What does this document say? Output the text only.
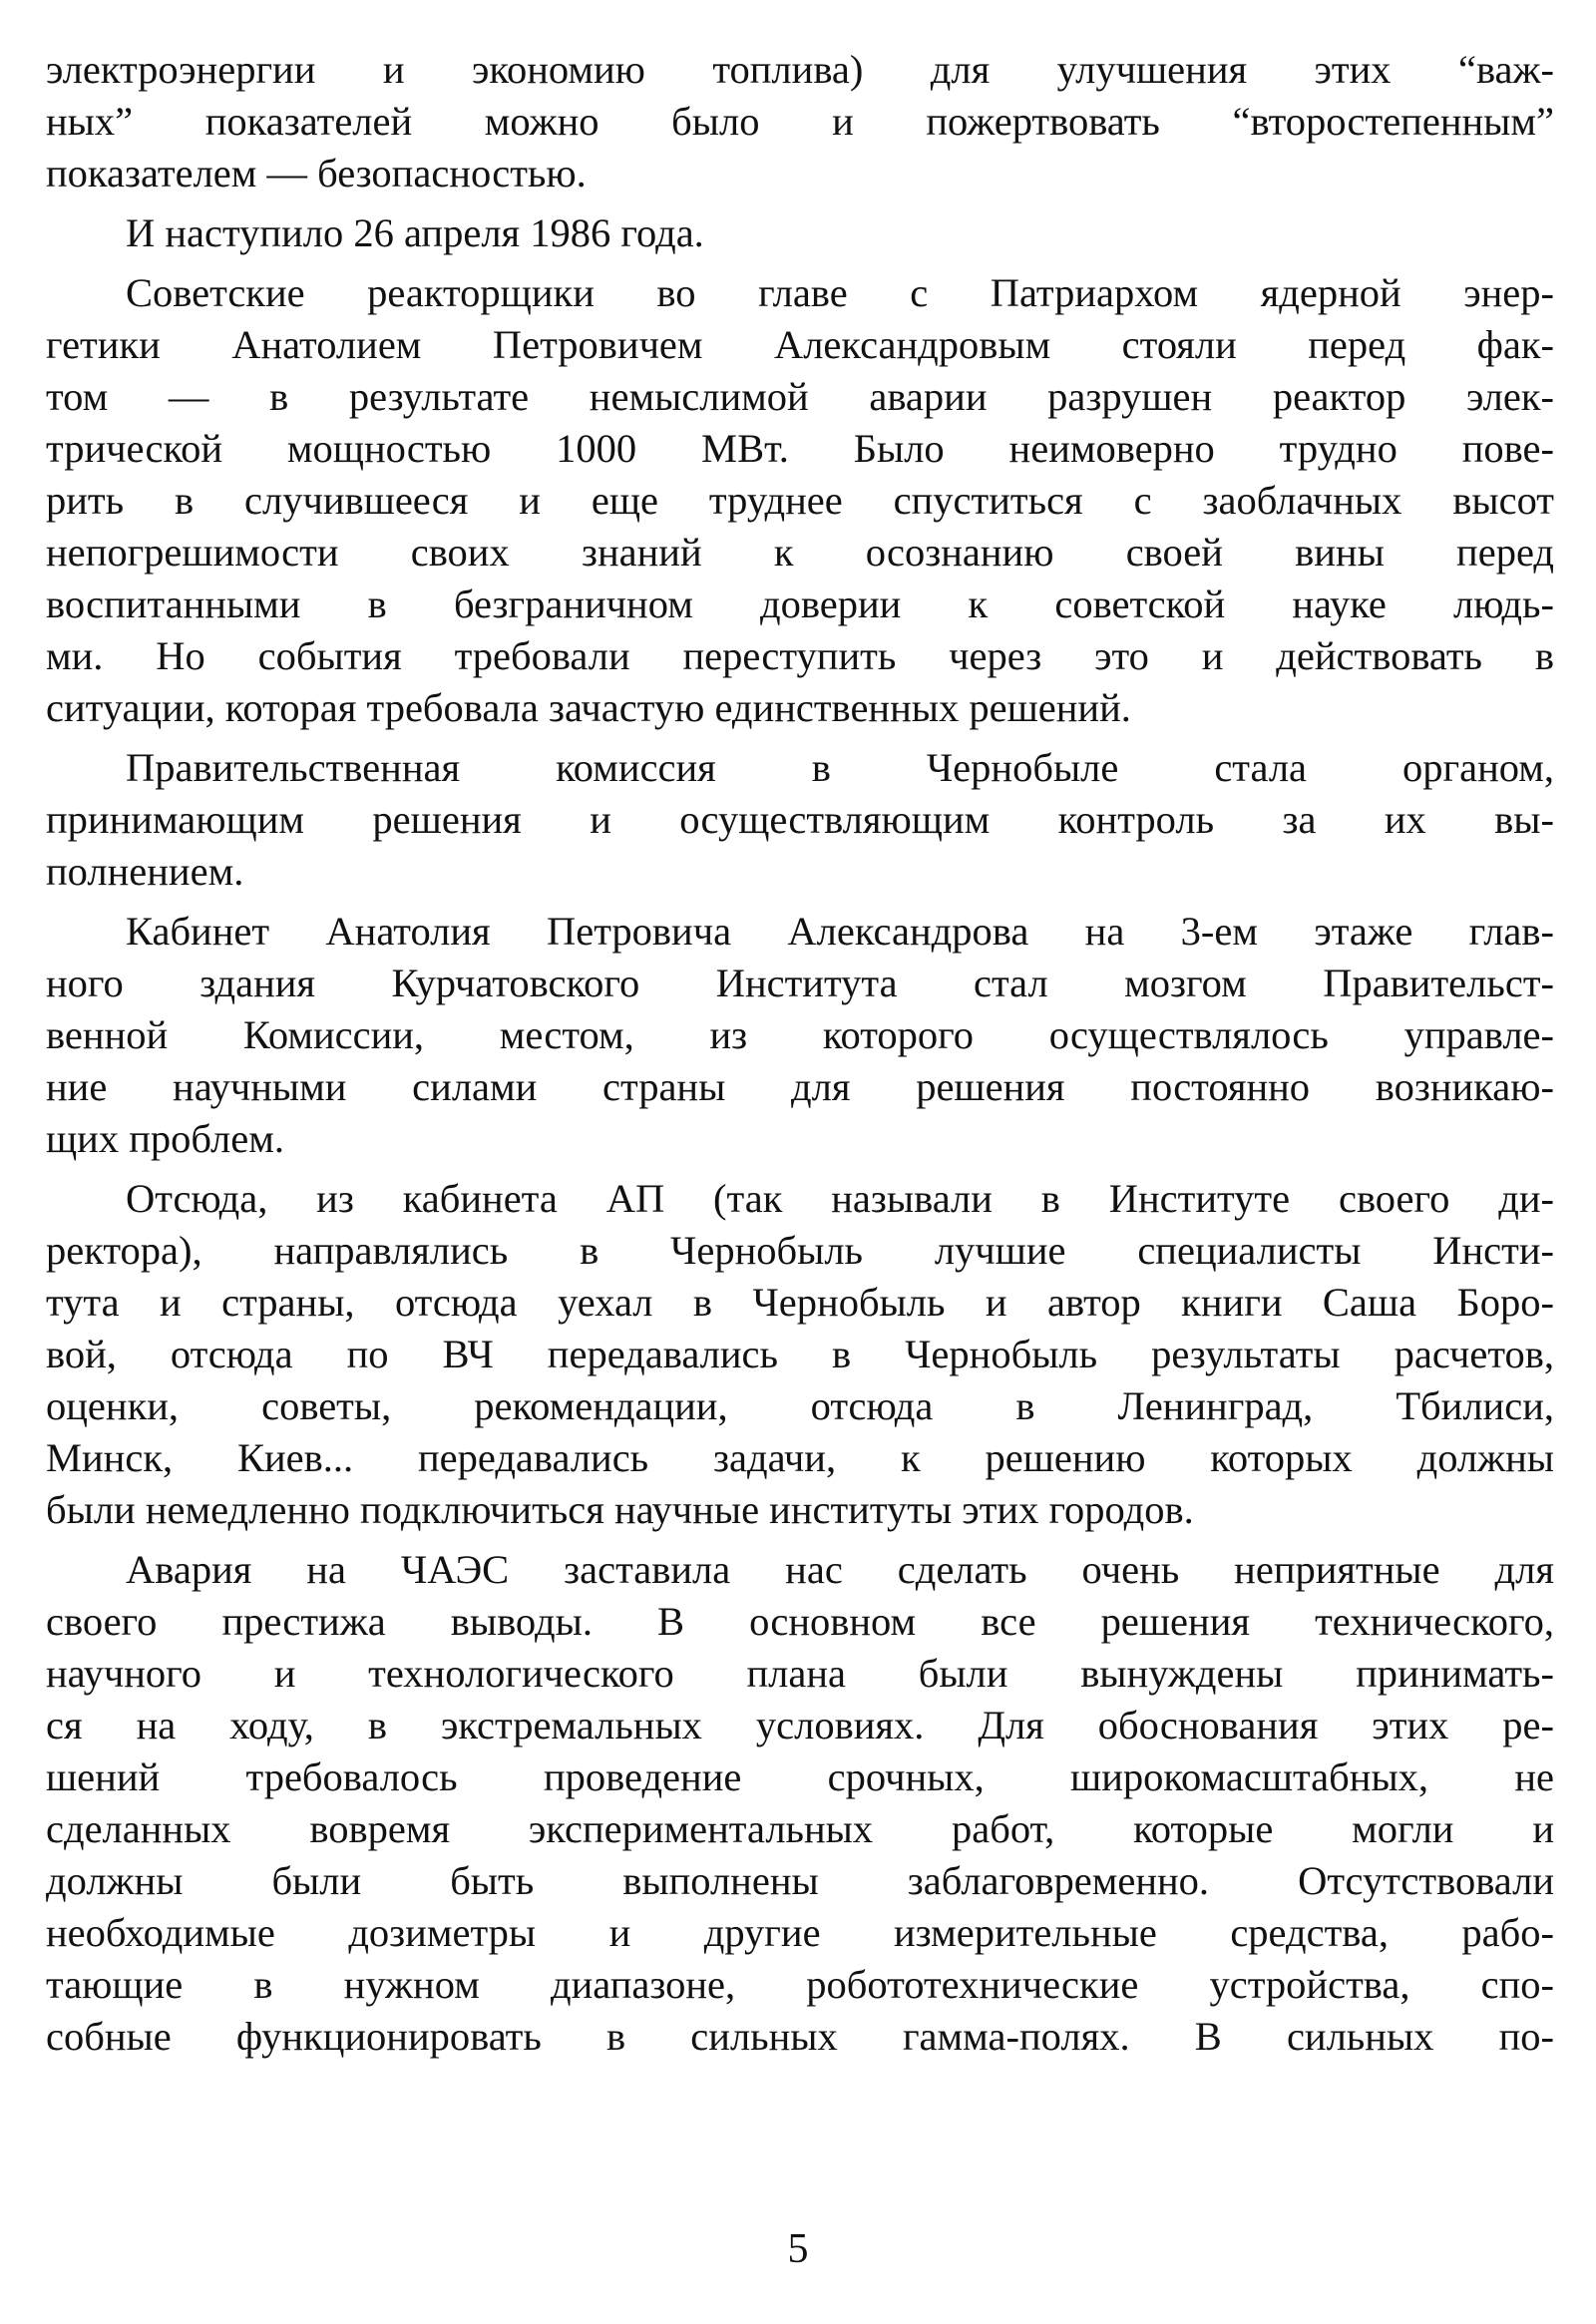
электроэнергии и экономию топлива) для улучшения этих “важ-
ных” показателей можно было и пожертвовать “второстепенным”
показателем — безопасностью.

И наступило 26 апреля 1986 года.

Советские реакторщики во главе с Патриархом ядерной энер-
гетики Анатолием Петровичем Александровым стояли перед фак-
том — в результате немыслимой аварии разрушен реактор элек-
трической мощностью 1000 МВт. Было неимоверно трудно пове-
рить в случившееся и еще труднее спуститься с заоблачных высот
непогрешимости своих знаний к осознанию своей вины перед
воспитанными в безграничном доверии к советской науке людь-
ми. Но события требовали переступить через это и действовать в
ситуации, которая требовала зачастую единственных решений.

Правительственная комиссия в Чернобыле стала органом,
принимающим решения и осуществляющим контроль за их вы-
полнением.

Кабинет Анатолия Петровича Александрова на 3-ем этаже глав-
ного здания Курчатовского Института стал мозгом Правительст-
венной Комиссии, местом, из которого осуществлялось управле-
ние научными силами страны для решения постоянно возникаю-
щих проблем.

Отсюда, из кабинета АП (так называли в Институте своего ди-
ректора), направлялись в Чернобыль лучшие специалисты Инсти-
тута и страны, отсюда уехал в Чернобыль и автор книги Саша Боро-
вой, отсюда по ВЧ передавались в Чернобыль результаты расчетов,
оценки, советы, рекомендации, отсюда в Ленинград, Тбилиси,
Минск, Киев... передавались задачи, к решению которых должны
были немедленно подключиться научные институты этих городов.

Авария на ЧАЭС заставила нас сделать очень неприятные для
своего престижа выводы. В основном все решения технического,
научного и технологического плана были вынуждены принимать-
ся на ходу, в экстремальных условиях. Для обоснования этих ре-
шений требовалось проведение срочных, широкомасштабных, не
сделанных вовремя экспериментальных работ, которые могли и
должны были быть выполнены заблаговременно. Отсутствовали
необходимые дозиметры и другие измерительные средства, рабо-
тающие в нужном диапазоне, робототехнические устройства, спо-
собные функционировать в сильных гамма-полях. В сильных по-

5
